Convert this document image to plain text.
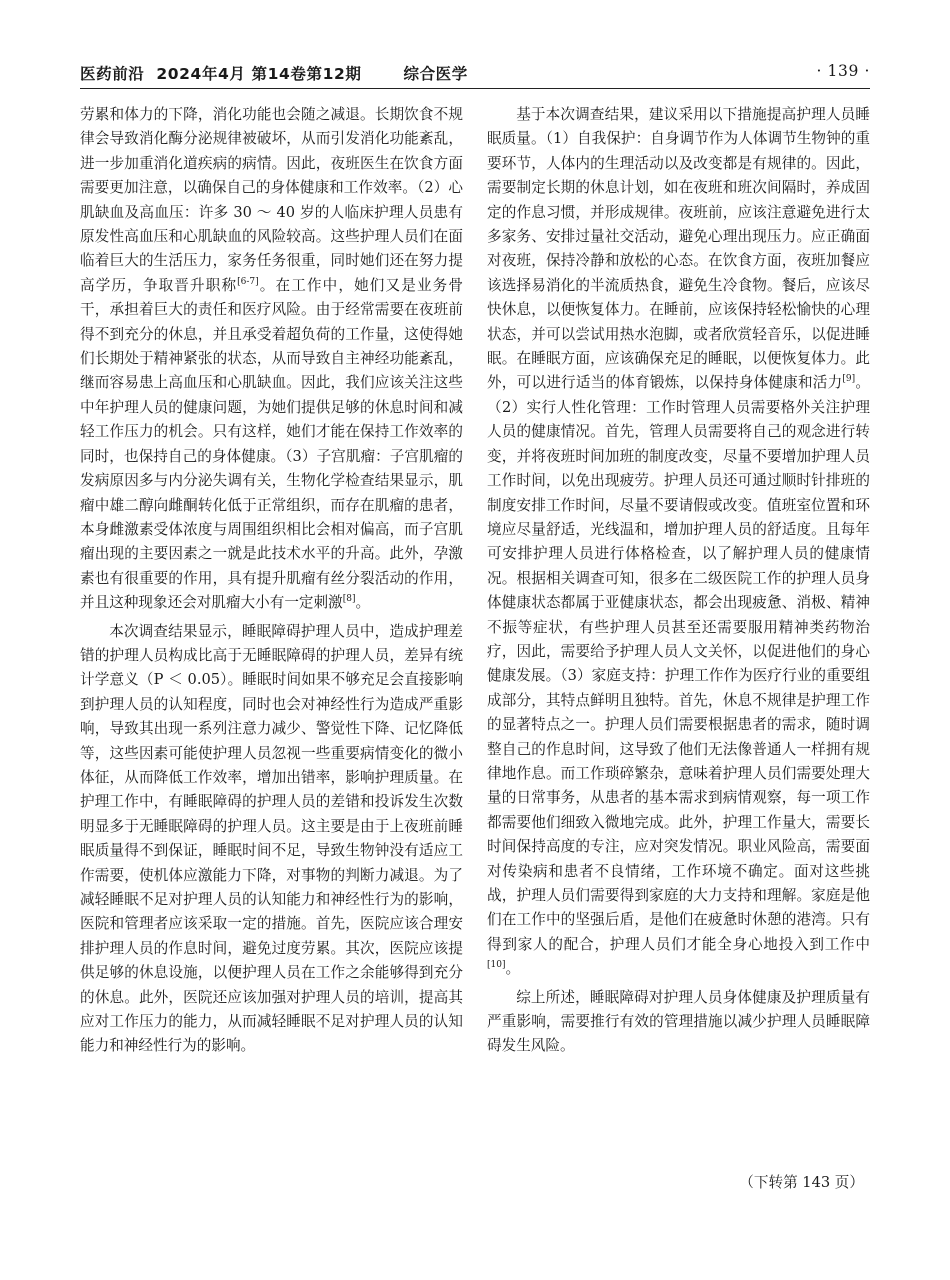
医药前沿 2024年4月 第14卷第12期	综合医学	· 139 ·

劳累和体力的下降，消化功能也会随之减退。长期饮食不规律会导致消化酶分泌规律被破坏，从而引发消化功能紊乱，进一步加重消化道疾病的病情。因此，夜班医生在饮食方面需要更加注意，以确保自己的身体健康和工作效率。（2）心肌缺血及高血压：许多 30 ～ 40 岁的人临床护理人员患有原发性高血压和心肌缺血的风险较高。这些护理人员们在面临着巨大的生活压力，家务任务很重，同时她们还在努力提高学历，争取晋升职称[6-7]。在工作中，她们又是业务骨干，承担着巨大的责任和医疗风险。由于经常需要在夜班前得不到充分的休息，并且承受着超负荷的工作量，这使得她们长期处于精神紧张的状态，从而导致自主神经功能紊乱，继而容易患上高血压和心肌缺血。因此，我们应该关注这些中年护理人员的健康问题，为她们提供足够的休息时间和减轻工作压力的机会。只有这样，她们才能在保持工作效率的同时，也保持自己的身体健康。（3）子宫肌瘤：子宫肌瘤的发病原因多与内分泌失调有关，生物化学检查结果显示，肌瘤中雄二醇向雌酮转化低于正常组织，而存在肌瘤的患者，本身雌激素受体浓度与周围组织相比会相对偏高，而子宫肌瘤出现的主要因素之一就是此技术水平的升高。此外，孕激素也有很重要的作用，具有提升肌瘤有丝分裂活动的作用，并且这种现象还会对肌瘤大小有一定刺激[8]。

本次调查结果显示，睡眠障碍护理人员中，造成护理差错的护理人员构成比高于无睡眠障碍的护理人员，差异有统计学意义（P ＜ 0.05）。睡眠时间如果不够充足会直接影响到护理人员的认知程度，同时也会对神经性行为造成严重影响，导致其出现一系列注意力减少、警觉性下降、记忆降低等，这些因素可能使护理人员忽视一些重要病情变化的微小体征，从而降低工作效率，增加出错率，影响护理质量。在护理工作中，有睡眠障碍的护理人员的差错和投诉发生次数明显多于无睡眠障碍的护理人员。这主要是由于上夜班前睡眠质量得不到保证，睡眠时间不足，导致生物钟没有适应工作需要，使机体应激能力下降，对事物的判断力减退。为了减轻睡眠不足对护理人员的认知能力和神经性行为的影响，医院和管理者应该采取一定的措施。首先，医院应该合理安排护理人员的作息时间，避免过度劳累。其次，医院应该提供足够的休息设施，以便护理人员在工作之余能够得到充分的休息。此外，医院还应该加强对护理人员的培训，提高其应对工作压力的能力，从而减轻睡眠不足对护理人员的认知能力和神经性行为的影响。

基于本次调查结果，建议采用以下措施提高护理人员睡眠质量。（1）自我保护：自身调节作为人体调节生物钟的重要环节，人体内的生理活动以及改变都是有规律的。因此，需要制定长期的休息计划，如在夜班和班次间隔时，养成固定的作息习惯，并形成规律。夜班前，应该注意避免进行太多家务、安排过量社交活动，避免心理出现压力。应正确面对夜班，保持冷静和放松的心态。在饮食方面，夜班加餐应该选择易消化的半流质热食，避免生冷食物。餐后，应该尽快休息，以便恢复体力。在睡前，应该保持轻松愉快的心理状态，并可以尝试用热水泡脚，或者欣赏轻音乐，以促进睡眠。在睡眠方面，应该确保充足的睡眠，以便恢复体力。此外，可以进行适当的体育锻炼，以保持身体健康和活力[9]。（2）实行人性化管理：工作时管理人员需要格外关注护理人员的健康情况。首先，管理人员需要将自己的观念进行转变，并将夜班时间加班的制度改变，尽量不要增加护理人员工作时间，以免出现疲劳。护理人员还可通过顺时针排班的制度安排工作时间，尽量不要请假或改变。值班室位置和环境应尽量舒适，光线温和，增加护理人员的舒适度。且每年可安排护理人员进行体格检查，以了解护理人员的健康情况。根据相关调查可知，很多在二级医院工作的护理人员身体健康状态都属于亚健康状态，都会出现疲惫、消极、精神不振等症状，有些护理人员甚至还需要服用精神类药物治疗，因此，需要给予护理人员人文关怀，以促进他们的身心健康发展。（3）家庭支持：护理工作作为医疗行业的重要组成部分，其特点鲜明且独特。首先，休息不规律是护理工作的显著特点之一。护理人员们需要根据患者的需求，随时调整自己的作息时间，这导致了他们无法像普通人一样拥有规律地作息。而工作琐碎繁杂，意味着护理人员们需要处理大量的日常事务，从患者的基本需求到病情观察，每一项工作都需要他们细致入微地完成。此外，护理工作量大，需要长时间保持高度的专注，应对突发情况。职业风险高，需要面对传染病和患者不良情绪，工作环境不确定。面对这些挑战，护理人员们需要得到家庭的大力支持和理解。家庭是他们在工作中的坚强后盾，是他们在疲惫时休憩的港湾。只有得到家人的配合，护理人员们才能全身心地投入到工作中[10]。

综上所述，睡眠障碍对护理人员身体健康及护理质量有严重影响，需要推行有效的管理措施以减少护理人员睡眠障碍发生风险。

（下转第 143 页）
